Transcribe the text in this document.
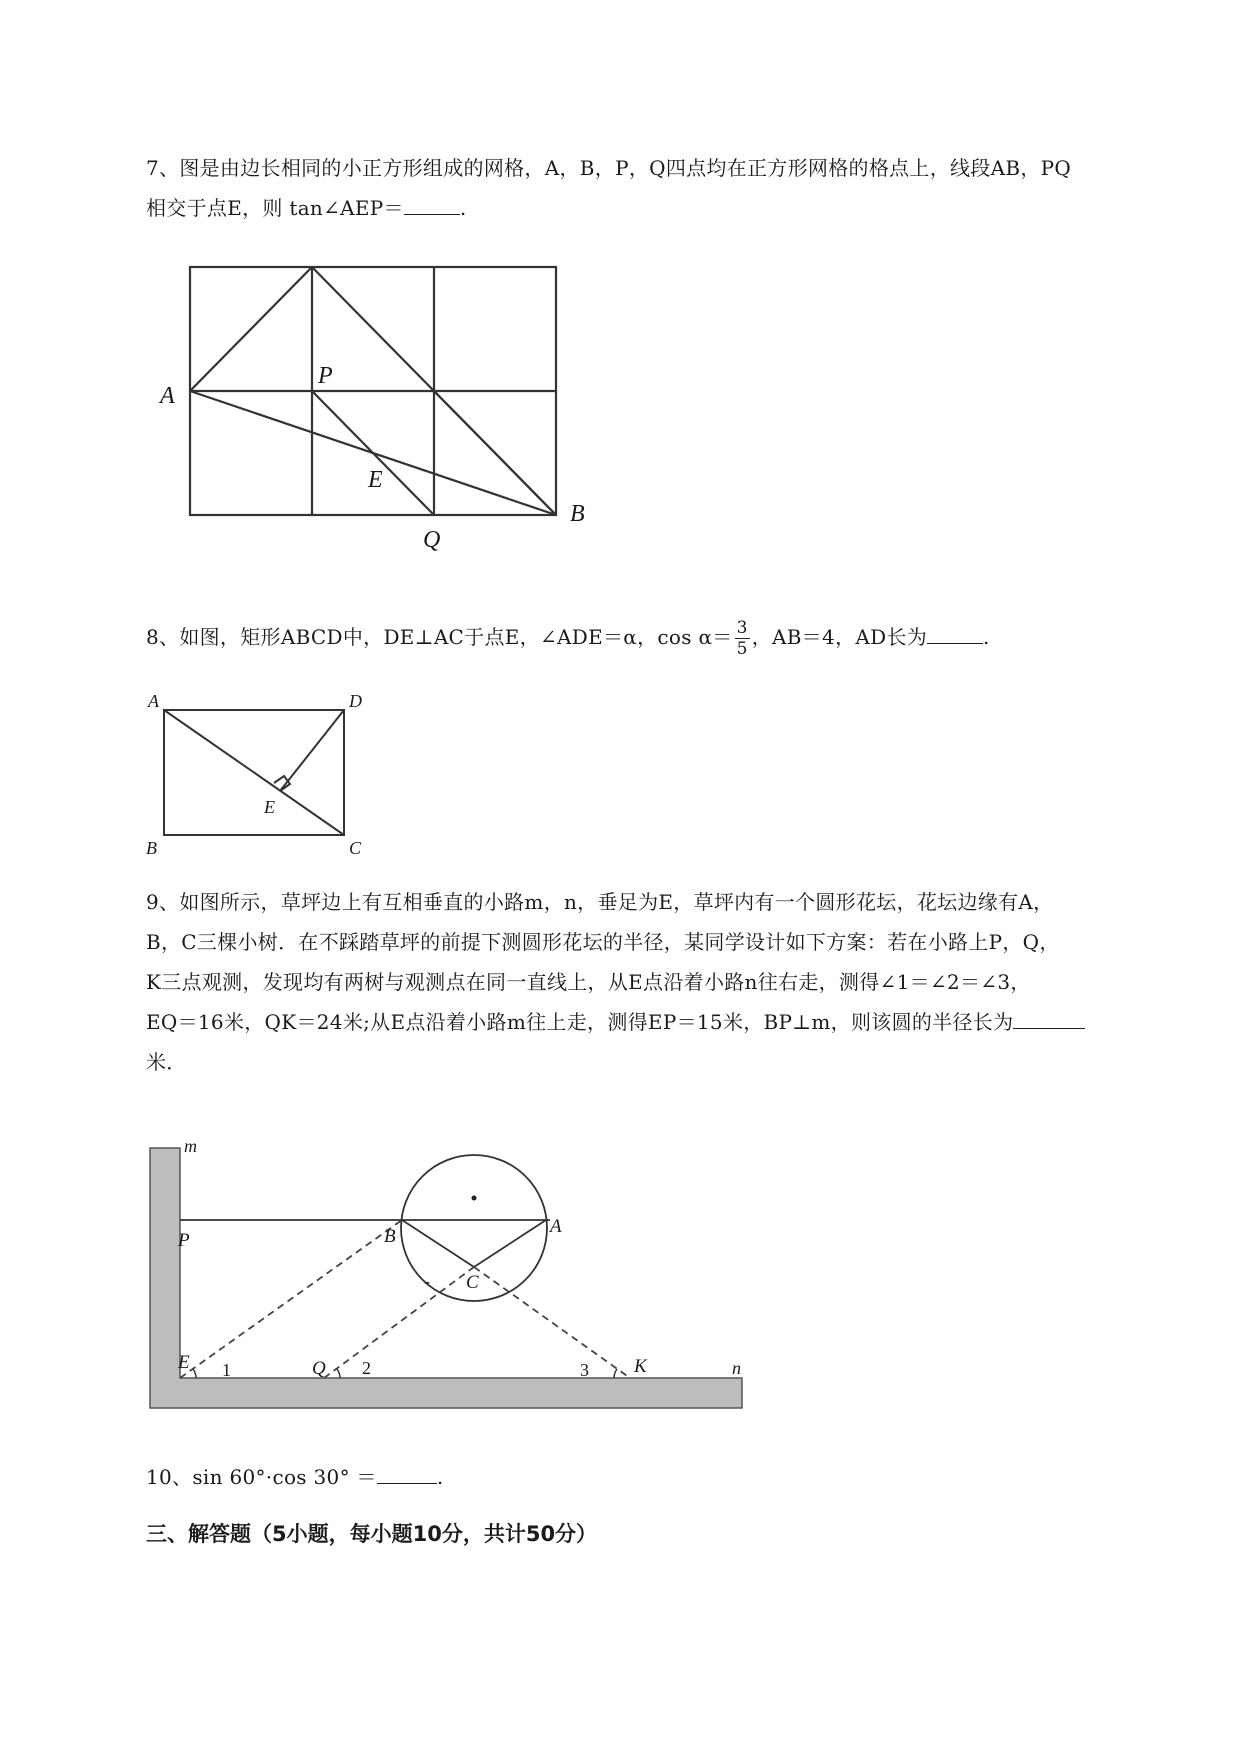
7、图是由边长相同的小正方形组成的网格，A，B，P，Q四点均在正方形网格的格点上，线段AB，PQ
相交于点E，则 tan∠AEP＝	.
A
P
E
Q
B
8、如图，矩形ABCD中，DE⊥AC于点E，∠ADE＝α，$\cos \alpha= \frac{3}{5}$ ，AB＝4，AD长为	.
A	D
E
B	C
9、如图所示，草坪边上有互相垂直的小路m，n，垂足为E，草坪内有一个圆形花坛，花坛边缘有A，
B，C三棵小树．在不踩踏草坪的前提下测圆形花坛的半径，某同学设计如下方案：若在小路上P，Q，
K三点观测，发现均有两树与观测点在同一直线上，从E点沿着小路n往右走，测得∠1＝∠2＝∠3，
EQ＝16米，QK＝24米;从E点沿着小路m往上走，测得EP＝15米，BP⊥m，则该圆的半径长为
米．
m
P	B	A
C
-
E 1	Q 2	3 K	n
10、sin 60°·cos 30° ＝	.
三、解答题（5小题，每小题10分，共计50分）
